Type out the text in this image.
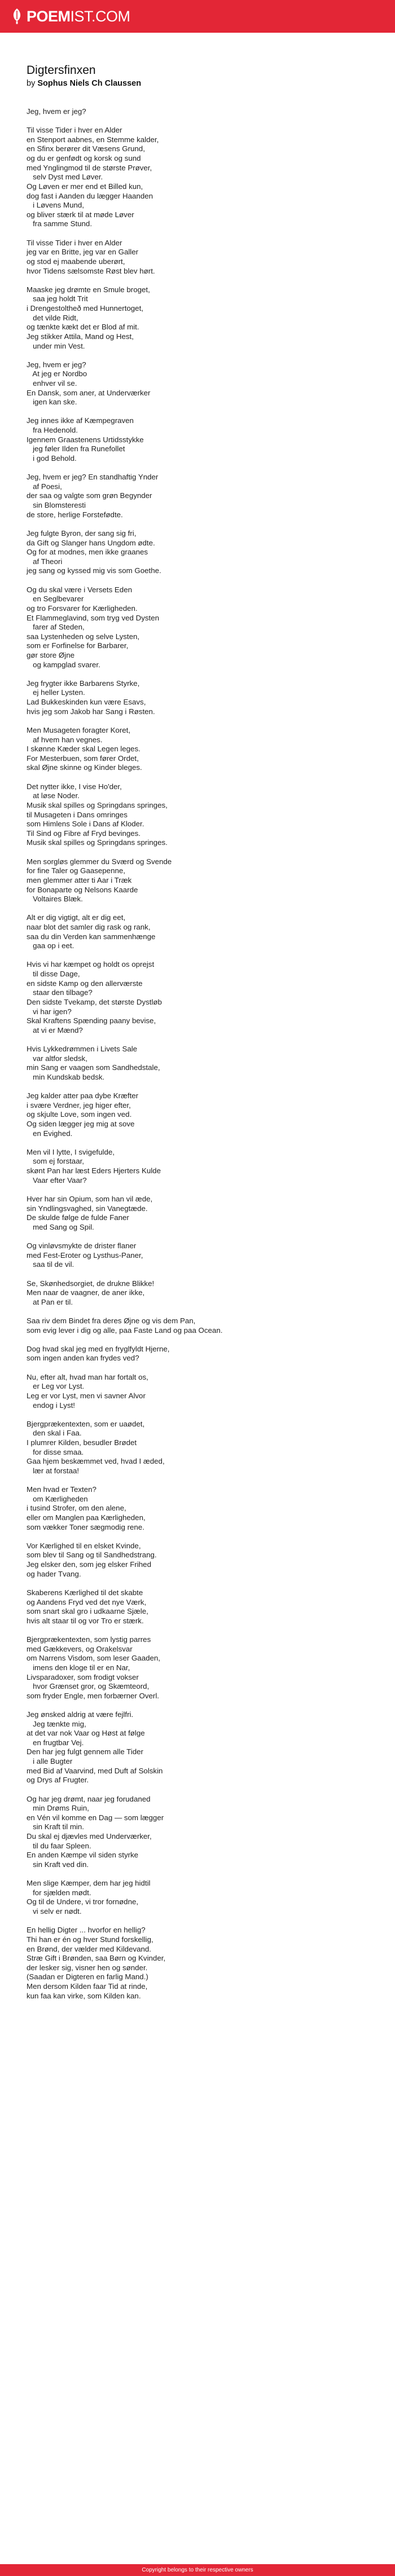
POEMIST.COM
Digtersfinxen
by Sophus Niels Ch Claussen
Jeg, hvem er jeg?
Til visse Tider i hver en Alder
en Stenport aabnes, en Stemme kalder,
en Sfinx berører dit Væsens Grund,
og du er genfødt og korsk og sund
med Ynglingmod til de største Prøver,
selv Dyst med Løver.
Og Løven er mer end et Billed kun,
dog fast i Aanden du lægger Haanden
i Løvens Mund,
og bliver stærk til at møde Løver
fra samme Stund.
Til visse Tider i hver en Alder
jeg var en Britte, jeg var en Galler
og stod ej maabende uberørt,
hvor Tidens sælsomste Røst blev hørt.
Maaske jeg drømte en Smule broget,
saa jeg holdt Trit
i Drengestoltheð med Hunnertoget,
det vilde Ridt,
og tænkte kækt det er Blod af mit.
Jeg stikker Attila, Mand og Hest,
under min Vest.
Jeg, hvem er jeg?
At jeg er Nordbo
enhver vil se.
En Dansk, som aner, at Underværker
igen kan ske.
Jeg innes ikke af Kæmpegraven
fra Hedenold.
Igennem Graastenens Urtidsstykke
jeg føler Ilden fra Runefollet
i god Behold.
Jeg, hvem er jeg? En standhaftig Ynder
af Poesi,
der saa og valgte som grøn Begynder
sin Blomsteresti
de store, herlige Forstefødte.
Jeg fulgte Byron, der sang sig fri,
da Gift og Slanger hans Ungdom ødte.
Og for at modnes, men ikke graanes
af Theori
jeg sang og kyssed mig vis som Goethe.
Og du skal være i Versets Eden
en Seglbevarer
og tro Forsvarer for Kærligheden.
Et Flammeglavind, som tryg ved Dysten
farer af Steden,
saa Lystenheden og selve Lysten,
som er Forfinelse for Barbarer,
gør store Øjne
og kampglad svarer.
Jeg frygter ikke Barbarens Styrke,
ej heller Lysten.
Lad Bukkeskinden kun være Esavs,
hvis jeg som Jakob har Sang i Røsten.
Men Musageten foragter Koret,
af hvem han vegnes.
I skønne Kæder skal Legen leges.
For Mesterbuen, som fører Ordet,
skal Øjne skinne og Kinder bleges.
Det nytter ikke, I vise Ho'der,
at løse Noder.
Musik skal spilles og Springdans springes,
til Musageten i Dans omringes
som Himlens Sole i Dans af Kloder.
Til Sind og Fibre af Fryd bevinges.
Musik skal spilles og Springdans springes.
Men sorgløs glemmer du Sværd og Svende
for fine Taler og Gaasepenne,
men glemmer atter ti Aar i Træk
for Bonaparte og Nelsons Kaarde
Voltaires Blæk.
Alt er dig vigtigt, alt er dig eet,
naar blot det samler dig rask og rank,
saa du din Verden kan sammenhænge
gaa op i eet.
Hvis vi har kæmpet og holdt os oprejst
til disse Dage,
en sidste Kamp og den allerværste
staar den tilbage?
Den sidste Tvekamp, det største Dystløb
vi har igen?
Skal Kraftens Spænding paany bevise,
at vi er Mænd?
Hvis Lykkedrømmen i Livets Sale
var altfor sledsk,
min Sang er vaagen som Sandhedstale,
min Kundskab bedsk.
Jeg kalder atter paa dybe Kræfter
i svære Verdner, jeg higer efter,
og skjulte Love, som ingen ved.
Og siden lægger jeg mig at sove
en Evighed.
Men vil I lytte, I svigefulde,
som ej forstaar,
skønt Pan har læst Eders Hjerters Kulde
Vaar efter Vaar?
Hver har sin Opium, som han vil æde,
sin Yndlingsvaghed, sin Vanegtæde.
De skulde følge de fulde Faner
med Sang og Spil.
Og vinløvsmykte de drister flaner
med Fest-Eroter og Lysthus-Paner,
saa til de vil.
Se, Skønhedsorgiet, de drukne Blikke!
Men naar de vaagner, de aner ikke,
at Pan er til.
Saa riv dem Bindet fra deres Øjne og vis dem Pan,
som evig lever i dig og alle, paa Faste Land og paa Ocean.
Dog hvad skal jeg med en fryglfyldt Hjerne,
som ingen anden kan frydes ved?
Nu, efter alt, hvad man har fortalt os,
er Leg vor Lyst.
Leg er vor Lyst, men vi savner Alvor
endog i Lyst!
Bjergprækentexten, som er uaødet,
den skal i Faa.
I plumrer Kilden, besudler Brødet
for disse smaa.
Gaa hjem beskæmmet ved, hvad I æded,
lær at forstaa!
Men hvad er Texten?
om Kærligheden
i tusind Strofer, om den alene,
eller om Manglen paa Kærligheden,
som vækker Toner sægmodig rene.
Vor Kærlighed til en elsket Kvinde,
som blev til Sang og til Sandhedstrang.
Jeg elsker den, som jeg elsker Frihed
og hader Tvang.
Skaberens Kærlighed til det skabte
og Aandens Fryd ved det nye Værk,
som snart skal gro i udkaarne Sjæle,
hvis alt staar til og vor Tro er stærk.
Bjergprækentexten, som lystig parres
med Gækkevers, og Orakelsvar
om Narrens Visdom, som leser Gaaden,
imens den kloge til er en Nar,
Livsparadoxer, som frodigt vokser
hvor Grænset gror, og Skæmteord,
som fryder Engle, men forbærner Overl.
Jeg ønsked aldrig at være fejlfri.
Jeg tænkte mig,
at det var nok Vaar og Høst at følge
en frugtbar Vej.
Den har jeg fulgt gennem alle Tider
i alle Bugter
med Bid af Vaarvind, med Duft af Solskin
og Drys af Frugter.
Og har jeg drømt, naar jeg forudaned
min Drøms Ruin,
en Vén vil komme en Dag — som lægger
sin Kraft til min.
Du skal ej djævles med Underværker,
til du faar Spleen.
En anden Kæmpe vil siden styrke
sin Kraft ved din.
Men slige Kæmper, dem har jeg hidtil
for sjælden mødt.
Og til de Undere, vi tror fornødne,
vi selv er nødt.
En hellig Digter ... hvorfor en hellig?
Thi han er én og hver Stund forskellig,
en Brønd, der vælder med Kildevand.
Stræ Gift i Brønden, saa Børn og Kvinder,
der lesker sig, visner hen og sønder.
(Saadan er Digteren en farlig Mand.)
Men dersom Kilden faar Tid at rinde,
kun faa kan virke, som Kilden kan.
Copyright belongs to their respective owners
